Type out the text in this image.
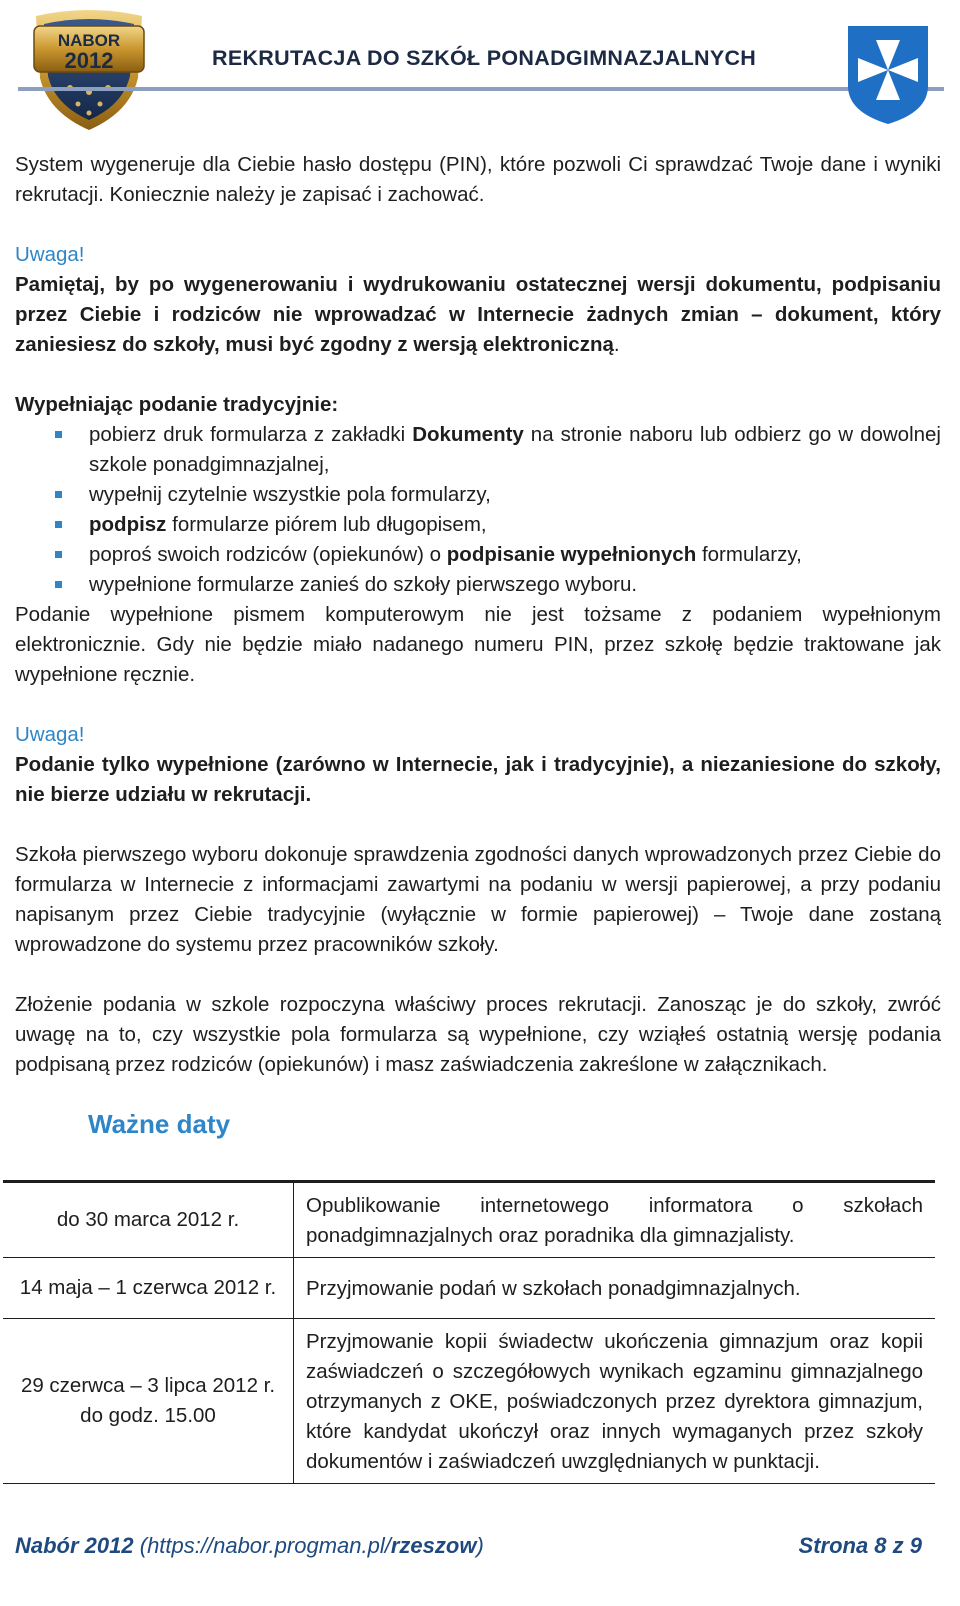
NABOR
2012	REKRUTACJA DO SZKÓŁ PONADGIMNAZJALNYCH

System wygeneruje dla Ciebie hasło dostępu (PIN), które pozwoli Ci sprawdzać Twoje dane i wyniki rekrutacji. Koniecznie należy je zapisać i zachować.

Uwaga!

Pamiętaj, by po wygenerowaniu i wydrukowaniu ostatecznej wersji dokumentu, podpisaniu przez Ciebie i rodziców nie wprowadzać w Internecie żadnych zmian – dokument, który zaniesiesz do szkoły, musi być zgodny z wersją elektroniczną.

Wypełniając podanie tradycyjnie:

pobierz druk formularza z zakładki Dokumenty na stronie naboru lub odbierz go w dowolnej szkole ponadgimnazjalnej,
wypełnij czytelnie wszystkie pola formularzy,
podpisz formularze piórem lub długopisem,
poproś swoich rodziców (opiekunów) o podpisanie wypełnionych formularzy,
wypełnione formularze zanieś do szkoły pierwszego wyboru.

Podanie wypełnione pismem komputerowym nie jest tożsame z podaniem wypełnionym elektronicznie. Gdy nie będzie miało nadanego numeru PIN, przez szkołę będzie traktowane jak wypełnione ręcznie.

Uwaga!

Podanie tylko wypełnione (zarówno w Internecie, jak i tradycyjnie), a niezaniesione do szkoły, nie bierze udziału w rekrutacji.

Szkoła pierwszego wyboru dokonuje sprawdzenia zgodności danych wprowadzonych przez Ciebie do formularza w Internecie z informacjami zawartymi na podaniu w wersji papierowej, a przy podaniu napisanym przez Ciebie tradycyjnie (wyłącznie w formie papierowej) – Twoje dane zostaną wprowadzone do systemu przez pracowników szkoły.

Złożenie podania w szkole rozpoczyna właściwy proces rekrutacji. Zanosząc je do szkoły, zwróć uwagę na to, czy wszystkie pola formularza są wypełnione, czy wziąłeś ostatnią wersję podania podpisaną przez rodziców (opiekunów) i masz zaświadczenia zakreślone w załącznikach.

Ważne daty
do 30 marca 2012 r.	Opublikowanie internetowego informatora o szkołach ponadgimnazjalnych oraz poradnika dla gimnazjalisty.
14 maja – 1 czerwca 2012 r.	Przyjmowanie podań w szkołach ponadgimnazjalnych.
29 czerwca – 3 lipca 2012 r. do godz. 15.00	Przyjmowanie kopii świadectw ukończenia gimnazjum oraz kopii zaświadczeń o szczegółowych wynikach egzaminu gimnazjalnego otrzymanych z OKE, poświadczonych przez dyrektora gimnazjum, które kandydat ukończył oraz innych wymaganych przez szkoły dokumentów i zaświadczeń uwzględnianych w punktacji.
Nabór 2012 (https://nabor.progman.pl/rzeszow)	Strona 8 z 9
